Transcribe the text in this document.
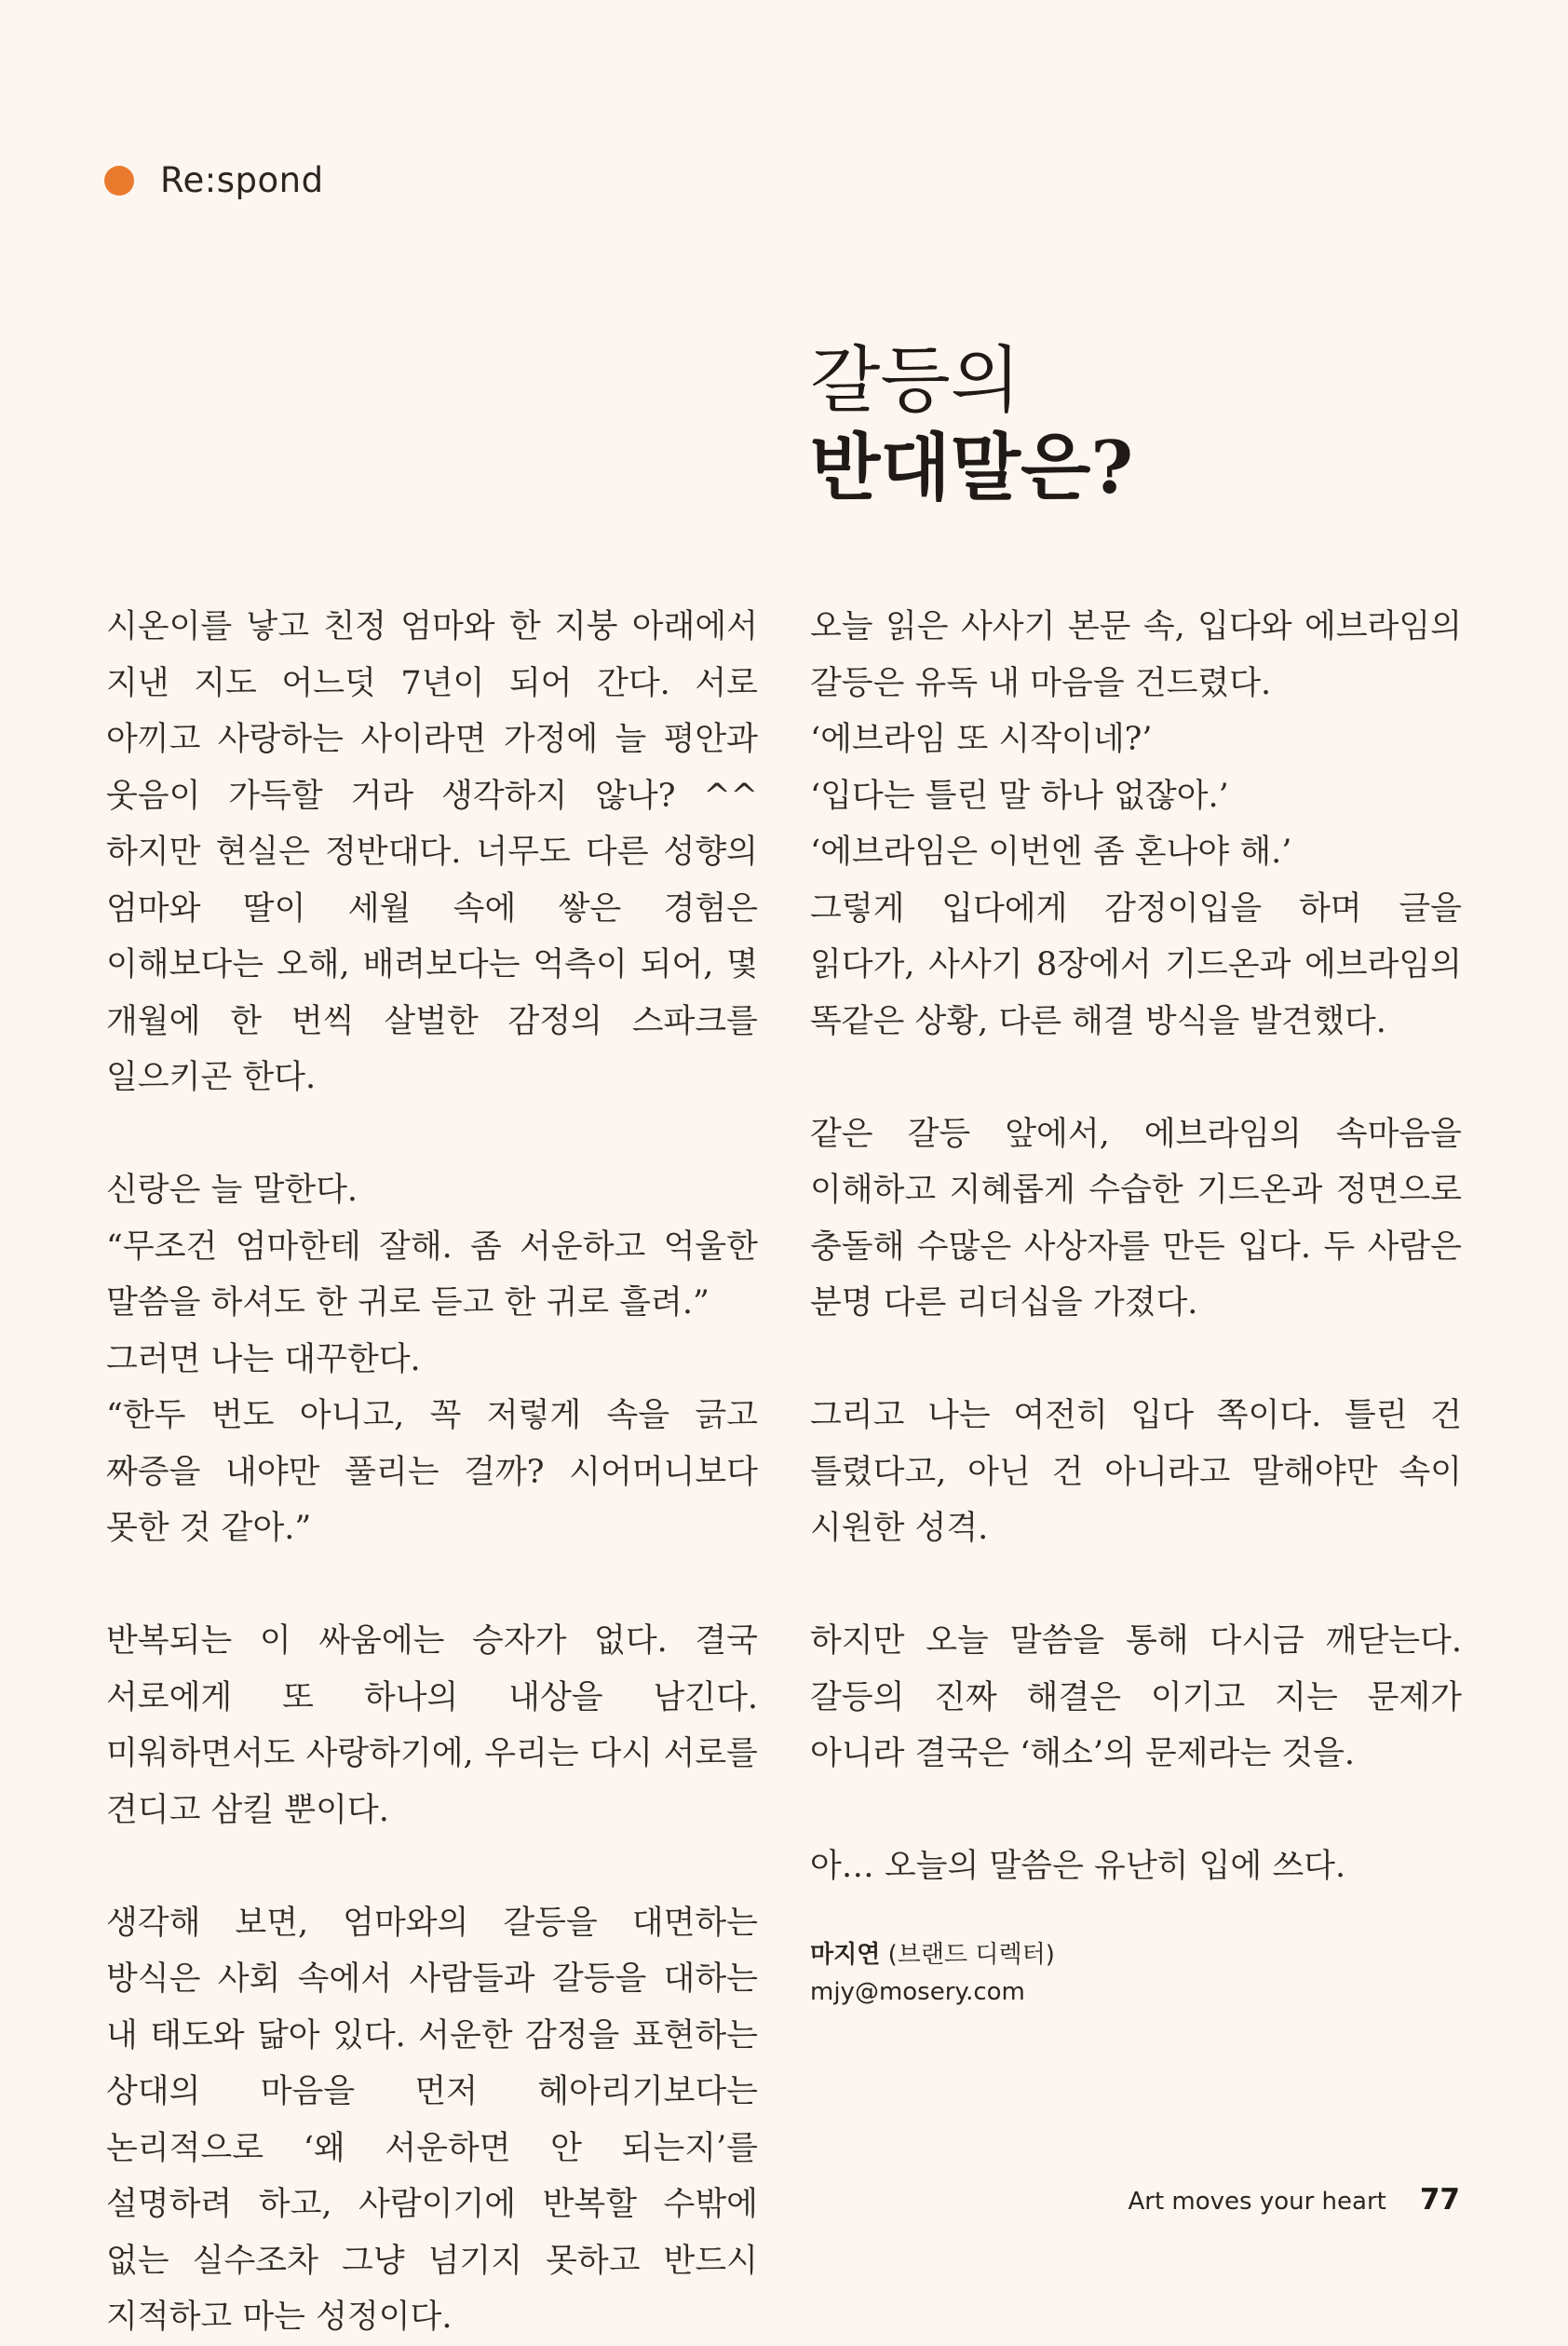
Re:spond
갈등의
반대말은?

시온이를 낳고 친정 엄마와 한 지붕 아래에서 지낸 지도 어느덧 7년이 되어 간다. 서로 아끼고 사랑하는 사이라면 가정에 늘 평안과 웃음이 가득할 거라 생각하지 않나? ^^ 하지만 현실은 정반대다. 너무도 다른 성향의 엄마와 딸이 세월 속에 쌓은 경험은 이해보다는 오해, 배려보다는 억측이 되어, 몇 개월에 한 번씩 살벌한 감정의 스파크를 일으키곤 한다.

신랑은 늘 말한다.

“무조건 엄마한테 잘해. 좀 서운하고 억울한 말씀을 하셔도 한 귀로 듣고 한 귀로 흘려.”

그러면 나는 대꾸한다.

“한두 번도 아니고, 꼭 저렇게 속을 긁고 짜증을 내야만 풀리는 걸까? 시어머니보다 못한 것 같아.”

반복되는 이 싸움에는 승자가 없다. 결국 서로에게 또 하나의 내상을 남긴다. 미워하면서도 사랑하기에, 우리는 다시 서로를 견디고 삼킬 뿐이다.

생각해 보면, 엄마와의 갈등을 대면하는 방식은 사회 속에서 사람들과 갈등을 대하는 내 태도와 닮아 있다. 서운한 감정을 표현하는 상대의 마음을 먼저 헤아리기보다는 논리적으로 ‘왜 서운하면 안 되는지’를 설명하려 하고, 사람이기에 반복할 수밖에 없는 실수조차 그냥 넘기지 못하고 반드시 지적하고 마는 성정이다.

오늘 읽은 사사기 본문 속, 입다와 에브라임의 갈등은 유독 내 마음을 건드렸다.

‘에브라임 또 시작이네?’

‘입다는 틀린 말 하나 없잖아.’

‘에브라임은 이번엔 좀 혼나야 해.’

그렇게 입다에게 감정이입을 하며 글을 읽다가, 사사기 8장에서 기드온과 에브라임의 똑같은 상황, 다른 해결 방식을 발견했다.

같은 갈등 앞에서, 에브라임의 속마음을 이해하고 지혜롭게 수습한 기드온과 정면으로 충돌해 수많은 사상자를 만든 입다. 두 사람은 분명 다른 리더십을 가졌다.

그리고 나는 여전히 입다 쪽이다. 틀린 건 틀렸다고, 아닌 건 아니라고 말해야만 속이 시원한 성격.

하지만 오늘 말씀을 통해 다시금 깨닫는다. 갈등의 진짜 해결은 이기고 지는 문제가 아니라 결국은 ‘해소’의 문제라는 것을.

아… 오늘의 말씀은 유난히 입에 쓰다.

마지연 (브랜드 디렉터)
mjy@mosery.com
Art moves your heart 77
